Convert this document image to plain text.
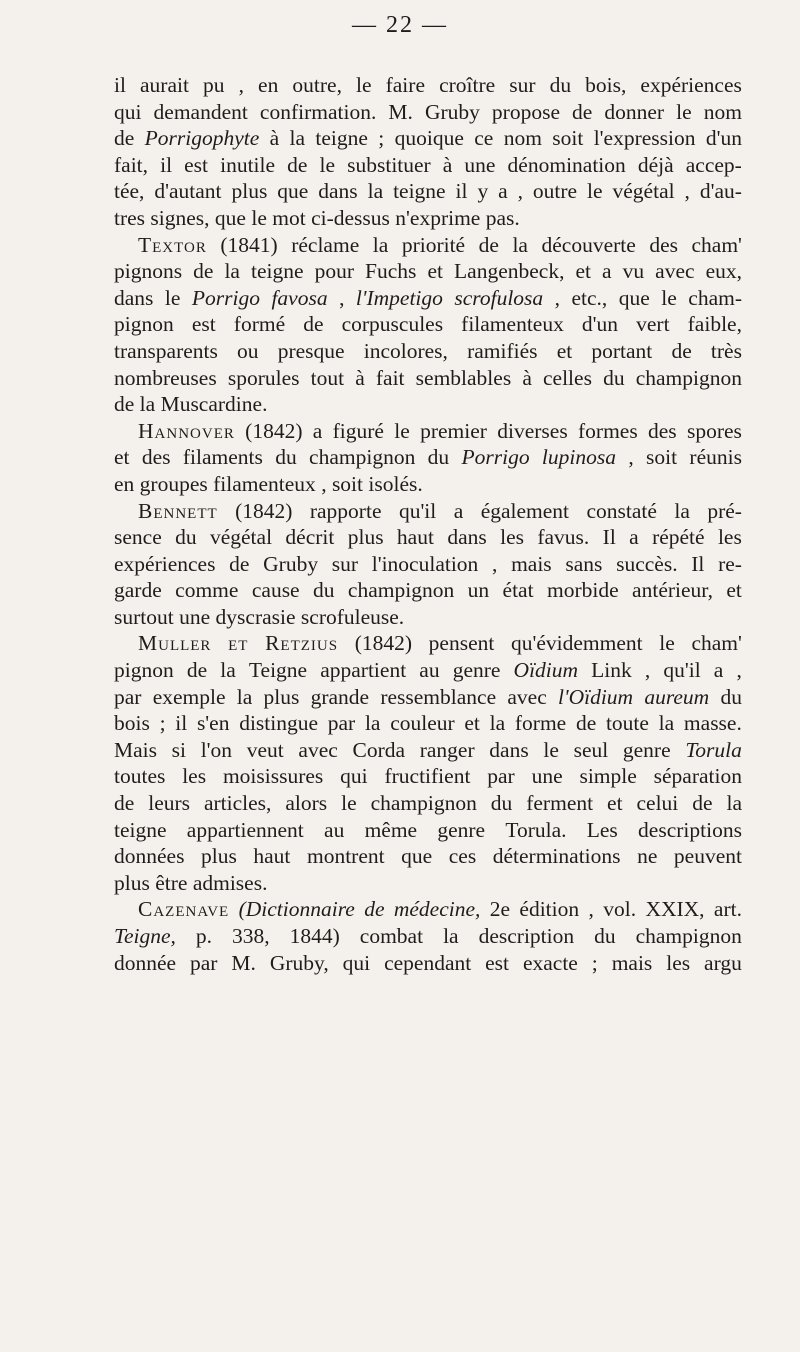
— 22 —
il aurait pu , en outre, le faire croître sur du bois, expériences
qui demandent confirmation. M. Gruby propose de donner le nom
de Porrigophyte à la teigne ; quoique ce nom soit l'expression d'un
fait, il est inutile de le substituer à une dénomination déjà accep-
tée, d'autant plus que dans la teigne il y a , outre le végétal , d'au-
tres signes, que le mot ci-dessus n'exprime pas.
Textor (1841) réclame la priorité de la découverte des cham'
pignons de la teigne pour Fuchs et Langenbeck, et a vu avec eux,
dans le Porrigo favosa , l'Impetigo scrofulosa , etc., que le cham-
pignon est formé de corpuscules filamenteux d'un vert faible,
transparents ou presque incolores, ramifiés et portant de très
nombreuses sporules tout à fait semblables à celles du champignon
de la Muscardine.
Hannover (1842) a figuré le premier diverses formes des spores
et des filaments du champignon du Porrigo lupinosa , soit réunis
en groupes filamenteux , soit isolés.
Bennett (1842) rapporte qu'il a également constaté la pré-
sence du végétal décrit plus haut dans les favus. Il a répété les
expériences de Gruby sur l'inoculation , mais sans succès. Il re-
garde comme cause du champignon un état morbide antérieur, et
surtout une dyscrasie scrofuleuse.
Muller et Retzius (1842) pensent qu'évidemment le cham'
pignon de la Teigne appartient au genre Oïdium Link , qu'il a ,
par exemple la plus grande ressemblance avec l'Oïdium aureum du
bois ; il s'en distingue par la couleur et la forme de toute la masse.
Mais si l'on veut avec Corda ranger dans le seul genre Torula
toutes les moisissures qui fructifient par une simple séparation
de leurs articles, alors le champignon du ferment et celui de la
teigne appartiennent au même genre Torula. Les descriptions
données plus haut montrent que ces déterminations ne peuvent
plus être admises.
Cazenave (Dictionnaire de médecine, 2e édition , vol. XXIX, art.
Teigne, p. 338, 1844) combat la description du champignon
donnée par M. Gruby, qui cependant est exacte ; mais les argu
